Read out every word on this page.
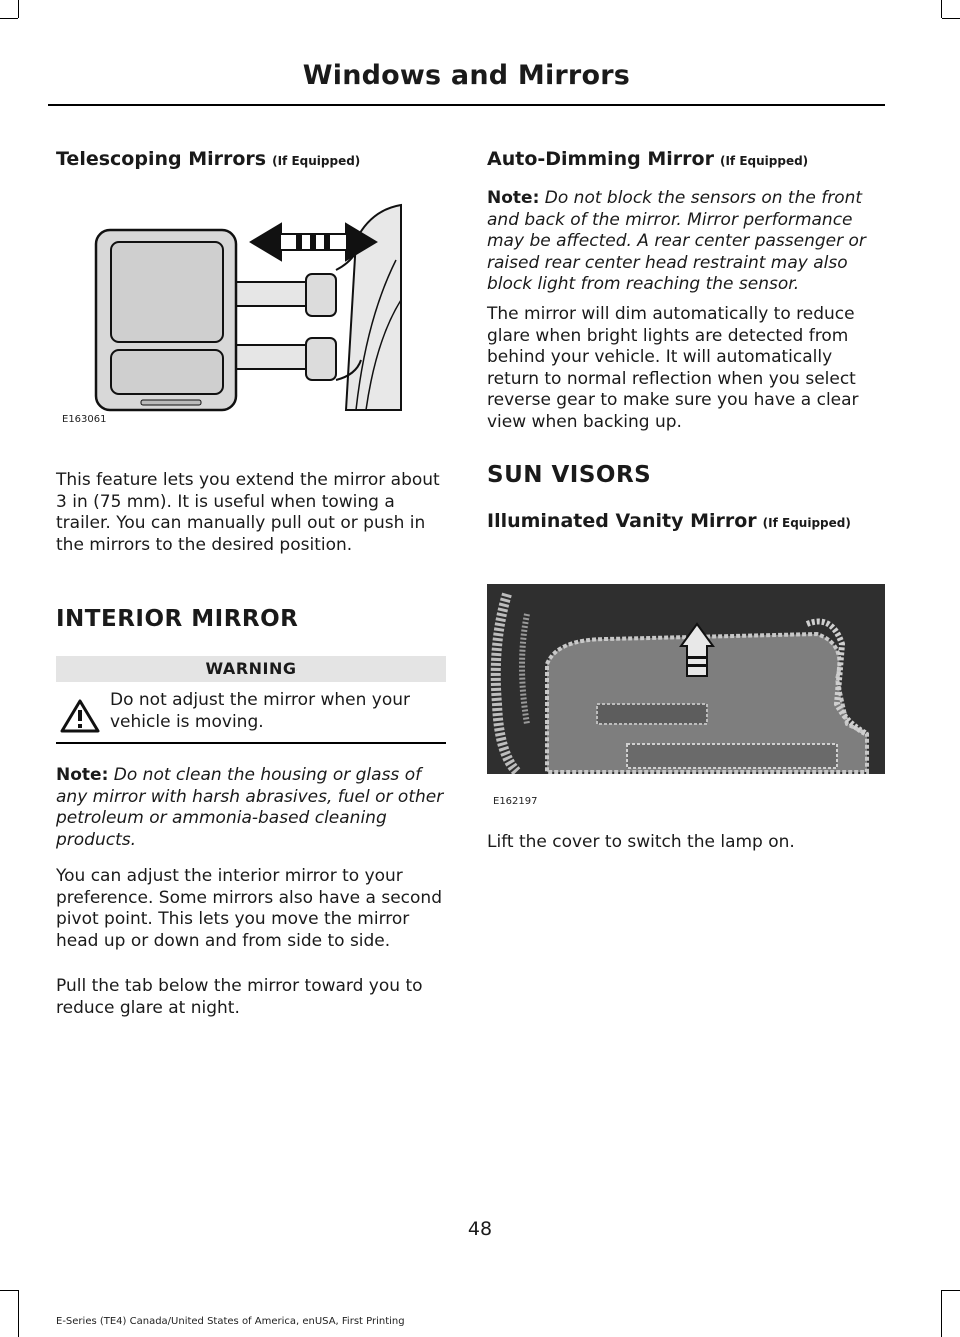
Windows and Mirrors
Telescoping Mirrors (If Equipped)
E163061

This feature lets you extend the mirror about 3 in (75 mm). It is useful when towing a trailer. You can manually pull out or push in the mirrors to the desired position.

INTERIOR MIRROR
WARNING

Do not adjust the mirror when your vehicle is moving.

Note: Do not clean the housing or glass of any mirror with harsh abrasives, fuel or other petroleum or ammonia-based cleaning products.

You can adjust the interior mirror to your preference. Some mirrors also have a second pivot point. This lets you move the mirror head up or down and from side to side.

Pull the tab below the mirror toward you to reduce glare at night.

Auto-Dimming Mirror (If Equipped)

Note: Do not block the sensors on the front and back of the mirror. Mirror performance may be affected. A rear center passenger or raised rear center head restraint may also block light from reaching the sensor.

The mirror will dim automatically to reduce glare when bright lights are detected from behind your vehicle. It will automatically return to normal reflection when you select reverse gear to make sure you have a clear view when backing up.

SUN VISORS
Illuminated Vanity Mirror (If Equipped)
E162197

Lift the cover to switch the lamp on.

48
E-Series (TE4) Canada/United States of America, enUSA, First Printing
